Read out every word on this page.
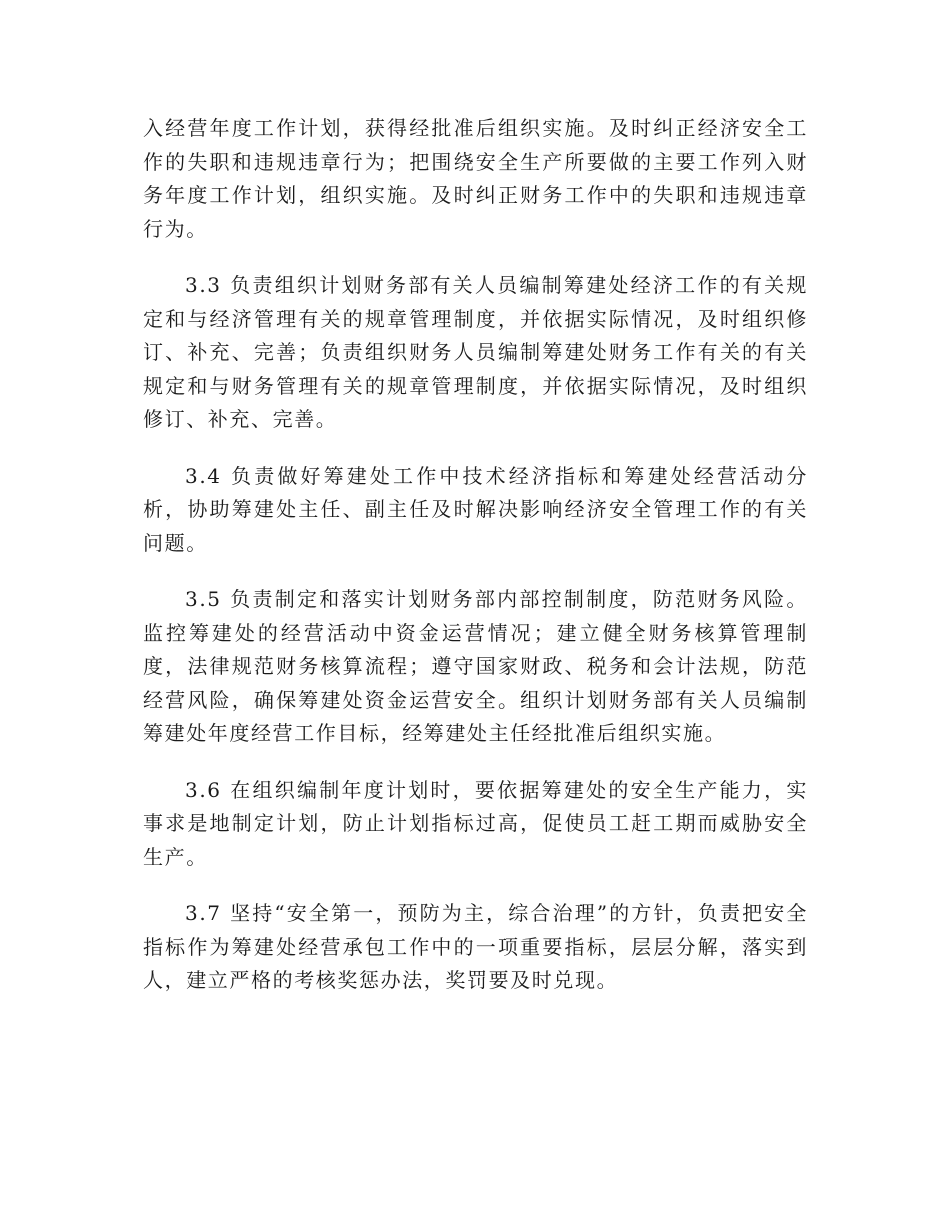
入经营年度工作计划，获得经批准后组织实施。及时纠正经济安全工作的失职和违规违章行为；把围绕安全生产所要做的主要工作列入财务年度工作计划，组织实施。及时纠正财务工作中的失职和违规违章行为。

3.3 负责组织计划财务部有关人员编制筹建处经济工作的有关规定和与经济管理有关的规章管理制度，并依据实际情况，及时组织修订、补充、完善；负责组织财务人员编制筹建处财务工作有关的有关规定和与财务管理有关的规章管理制度，并依据实际情况，及时组织修订、补充、完善。

3.4 负责做好筹建处工作中技术经济指标和筹建处经营活动分析，协助筹建处主任、副主任及时解决影响经济安全管理工作的有关问题。

3.5 负责制定和落实计划财务部内部控制制度，防范财务风险。监控筹建处的经营活动中资金运营情况；建立健全财务核算管理制度，法律规范财务核算流程；遵守国家财政、税务和会计法规，防范经营风险，确保筹建处资金运营安全。组织计划财务部有关人员编制筹建处年度经营工作目标，经筹建处主任经批准后组织实施。

3.6 在组织编制年度计划时，要依据筹建处的安全生产能力，实事求是地制定计划，防止计划指标过高，促使员工赶工期而威胁安全生产。

3.7 坚持“安全第一，预防为主，综合治理”的方针，负责把安全指标作为筹建处经营承包工作中的一项重要指标，层层分解，落实到人，建立严格的考核奖惩办法，奖罚要及时兑现。
